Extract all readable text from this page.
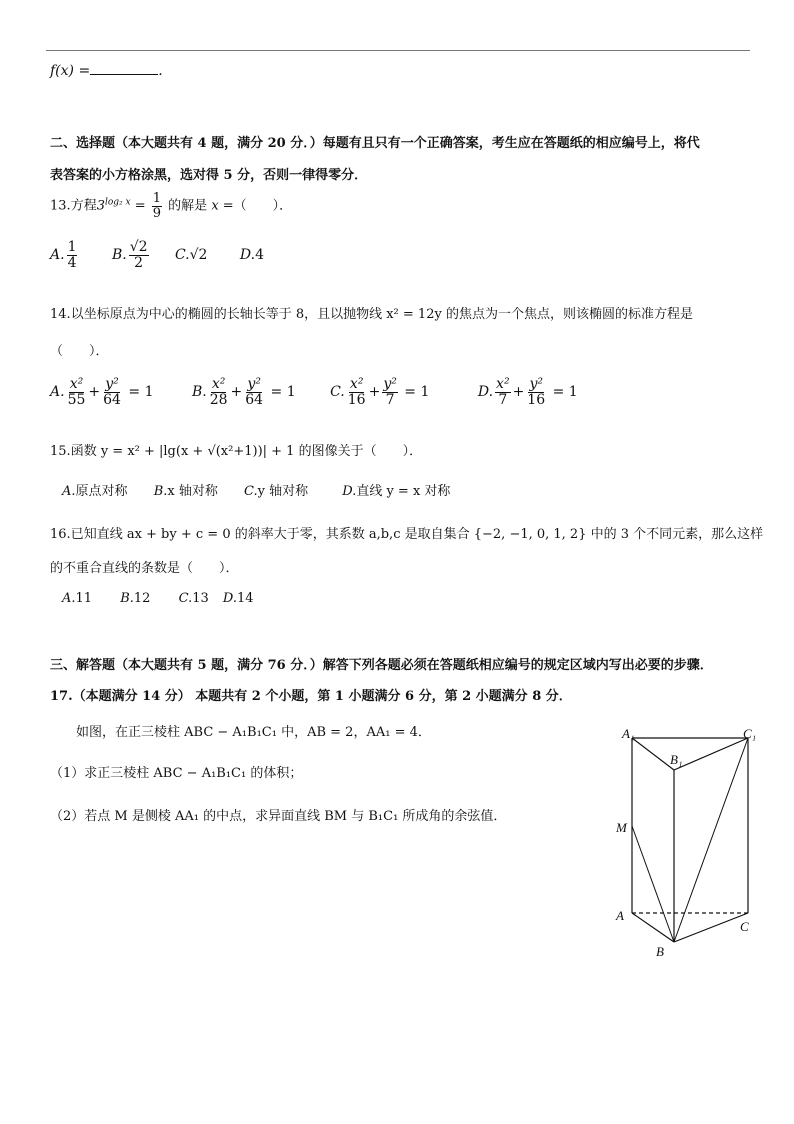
f(x) =	.
二、选择题（本大题共有 4 题，满分 20 分．）每题有且只有一个正确答案，考生应在答题纸的相应编号上，将代
表答案的小方格涂黑，选对得 5 分，否则一律得零分．
13.方程$3^{log_2 x} = \frac{1}{9}$ 的解是 x =（　　）．
A. $\frac{1}{4} B$. $\frac{√2}{2} C.√2$ D.4
14.以坐标原点为中心的椭圆的长轴长等于 8，且以抛物线 x² = 12y 的焦点为一个焦点，则该椭圆的标准方程是
（　　）．
A. $\frac{\text{x²}}{55} + \frac{\text{y²}}{64} = 1$	B. $\frac{\text{x²}}{28} + \frac{\text{y²}}{64} = 1$ C. $\frac{\text{x²}}{16} + \frac{\text{y²}}{7} = 1$	D. $\frac{\text{x²}}{7} + \frac{\text{y²}}{16} = 1$
15.函数 y = x² + |lg(x + √(x²+1))| + 1 的图像关于（　　）．
A.原点对称 B.x 轴对称 C.y 轴对称	D.直线 y = x 对称
16.已知直线 ax + by + c = 0 的斜率大于零，其系数 a,b,c 是取自集合 {−2, −1, 0, 1, 2} 中的 3 个不同元素，那么这样
的不重合直线的条数是（　　）．
A.11 B.12 C.13 D.14
三、解答题（本大题共有 5 题，满分 76 分．）解答下列各题必须在答题纸相应编号的规定区域内写出必要的步骤．
17.（本题满分 14 分） 本题共有 2 个小题，第 1 小题满分 6 分，第 2 小题满分 8 分．
如图，在正三棱柱 ABC − A₁B₁C₁ 中，AB = 2，AA₁ = 4．
（1）求正三棱柱 ABC − A₁B₁C₁ 的体积；
（2）若点 M 是侧棱 AA₁ 的中点，求异面直线 BM 与 B₁C₁ 所成角的余弦值．
A₁
B₁
C₁
M
A
B
C
